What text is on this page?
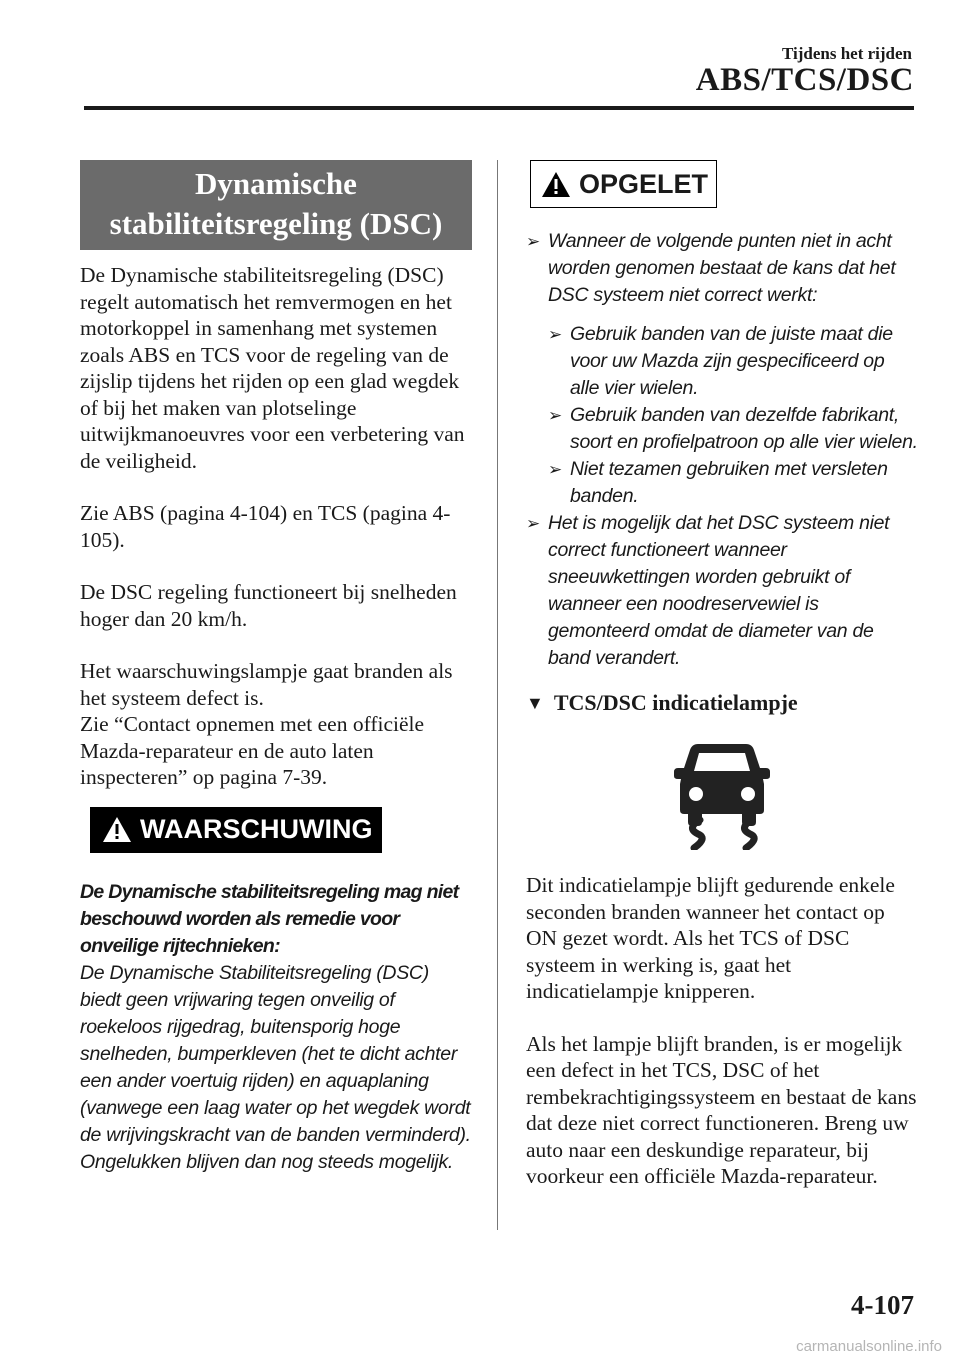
Tijdens het rijden
ABS/TCS/DSC
Dynamische
stabiliteitsregeling (DSC)

De Dynamische stabiliteitsregeling (DSC) regelt automatisch het remvermogen en het motorkoppel in samenhang met systemen zoals ABS en TCS voor de regeling van de zijslip tijdens het rijden op een glad wegdek of bij het maken van plotselinge uitwijkmanoeuvres voor een verbetering van de veiligheid.

Zie ABS (pagina 4-104) en TCS (pagina 4-105).

De DSC regeling functioneert bij snelheden hoger dan 20 km/h.

Het waarschuwingslampje gaat branden als het systeem defect is.

Zie “Contact opnemen met een officiële Mazda-reparateur en de auto laten inspecteren” op pagina 7-39.

WAARSCHUWING

De Dynamische stabiliteitsregeling mag niet beschouwd worden als remedie voor onveilige rijtechnieken:

De Dynamische Stabiliteitsregeling (DSC) biedt geen vrijwaring tegen onveilig of roekeloos rijgedrag, buitensporig hoge snelheden, bumperkleven (het te dicht achter een ander voertuig rijden) en aquaplaning (vanwege een laag water op het wegdek wordt de wrijvingskracht van de banden verminderd). Ongelukken blijven dan nog steeds mogelijk.

OPGELET
➢ Wanneer de volgende punten niet in acht worden genomen bestaat de kans dat het DSC systeem niet correct werkt:
➢ Gebruik banden van de juiste maat die voor uw Mazda zijn gespecificeerd op alle vier wielen.
➢ Gebruik banden van dezelfde fabrikant, soort en profielpatroon op alle vier wielen.
➢ Niet tezamen gebruiken met versleten banden.
➢ Het is mogelijk dat het DSC systeem niet correct functioneert wanneer sneeuwkettingen worden gebruikt of wanneer een noodreservewiel is gemonteerd omdat de diameter van de band verandert.
▼ TCS/DSC indicatielampje

Dit indicatielampje blijft gedurende enkele seconden branden wanneer het contact op ON gezet wordt. Als het TCS of DSC systeem in werking is, gaat het indicatielampje knipperen.

Als het lampje blijft branden, is er mogelijk een defect in het TCS, DSC of het rembekrachtigingssysteem en bestaat de kans dat deze niet correct functioneren. Breng uw auto naar een deskundige reparateur, bij voorkeur een officiële Mazda-reparateur.

4-107
carmanualsonline.info
